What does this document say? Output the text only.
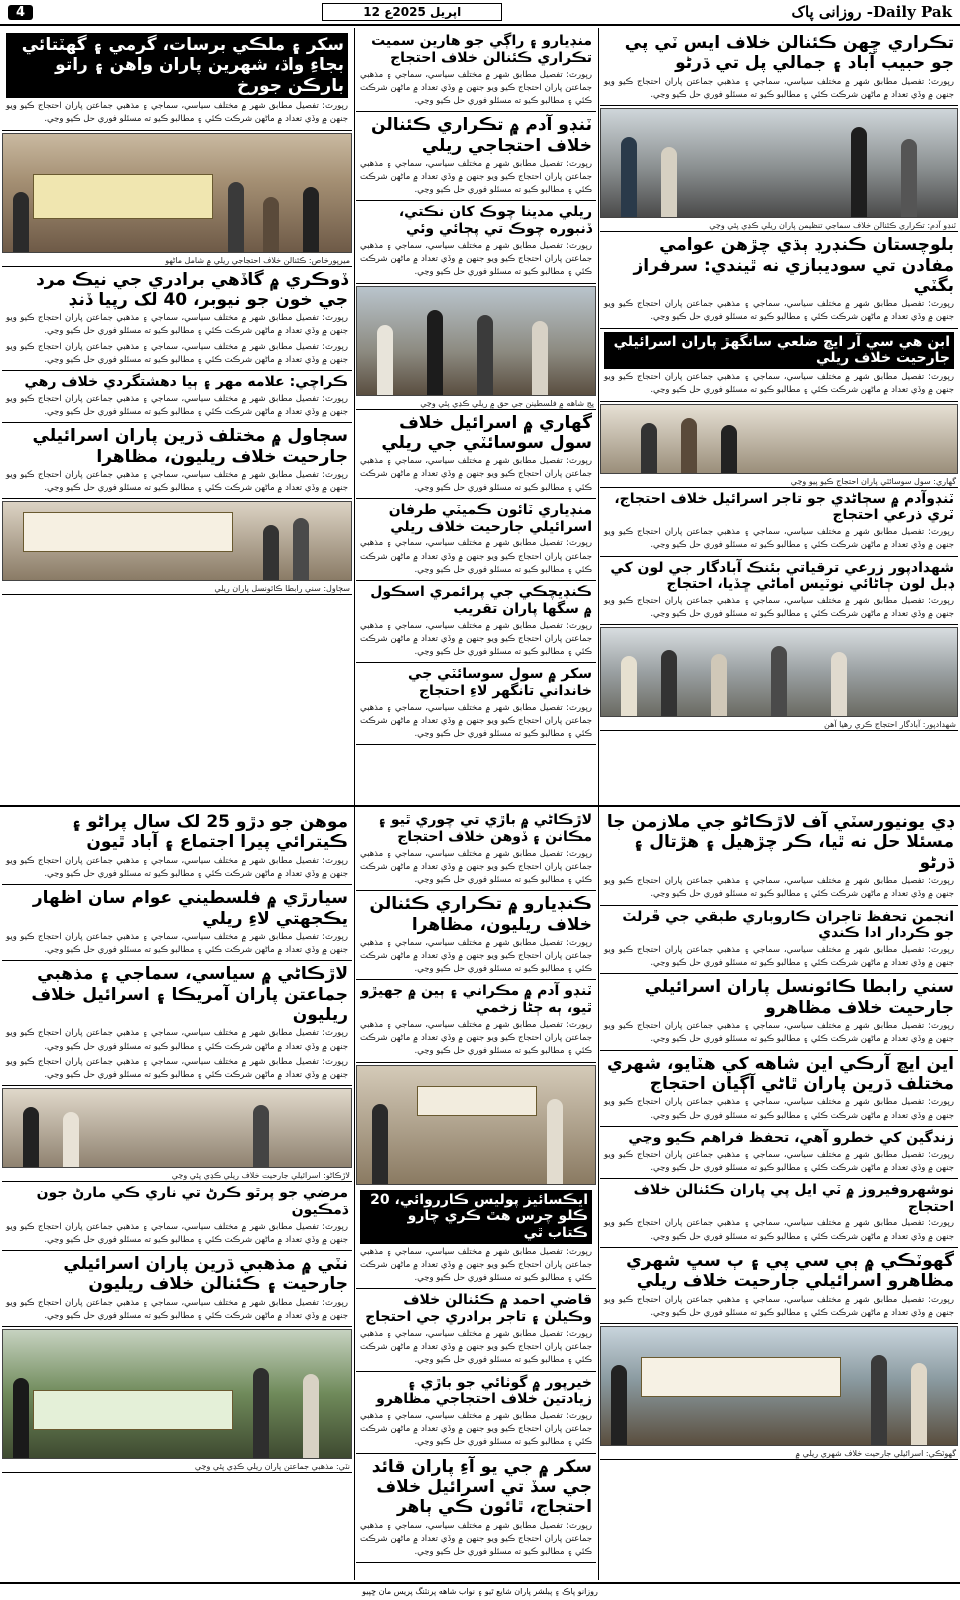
4	12 اپریل 2025ع	روزانی پاک -Daily Pak
سکر ۽ ملڪي برسات، گرمي ۽ گهٽتائي بجاءِ واڌ، شهرين پاران واهن ۽ راتو بارڪن جورخ
رپورٽ: تفصيل مطابق شهر ۾ مختلف سياسي، سماجي ۽ مذهبي جماعتن پاران احتجاج ڪيو ويو جنهن ۾ وڏي تعداد ۾ ماڻهن شرڪت ڪئي ۽ مطالبو ڪيو ته مسئلو فوري حل ڪيو وڃي.
ميرپورخاص: ڪئنالن خلاف احتجاجي ريلي ۾ شامل ماڻهو
ڏوڪري ۾ گاڏهي برادري جي نيڪ مرد جي خون جو نيوبر، 40 لک رپيا ڏنڊ
رپورٽ: تفصيل مطابق شهر ۾ مختلف سياسي، سماجي ۽ مذهبي جماعتن پاران احتجاج ڪيو ويو جنهن ۾ وڏي تعداد ۾ ماڻهن شرڪت ڪئي ۽ مطالبو ڪيو ته مسئلو فوري حل ڪيو وڃي.
رپورٽ: تفصيل مطابق شهر ۾ مختلف سياسي، سماجي ۽ مذهبي جماعتن پاران احتجاج ڪيو ويو جنهن ۾ وڏي تعداد ۾ ماڻهن شرڪت ڪئي ۽ مطالبو ڪيو ته مسئلو فوري حل ڪيو وڃي.
ڪراچي: علامه مهر ۽ ٻيا دهشتگردي خلاف رهي
رپورٽ: تفصيل مطابق شهر ۾ مختلف سياسي، سماجي ۽ مذهبي جماعتن پاران احتجاج ڪيو ويو جنهن ۾ وڏي تعداد ۾ ماڻهن شرڪت ڪئي ۽ مطالبو ڪيو ته مسئلو فوري حل ڪيو وڃي.
سڄاول ۾ مختلف ڌرين پاران اسرائيلي جارحيت خلاف ريليون، مظاهرا
رپورٽ: تفصيل مطابق شهر ۾ مختلف سياسي، سماجي ۽ مذهبي جماعتن پاران احتجاج ڪيو ويو جنهن ۾ وڏي تعداد ۾ ماڻهن شرڪت ڪئي ۽ مطالبو ڪيو ته مسئلو فوري حل ڪيو وڃي.
سڄاول: سني رابطا ڪائونسل پاران ريلي
منڊيارو ۽ راڳي جو هارين سميت تڪراري ڪئنالن خلاف احتجاج
رپورٽ: تفصيل مطابق شهر ۾ مختلف سياسي، سماجي ۽ مذهبي جماعتن پاران احتجاج ڪيو ويو جنهن ۾ وڏي تعداد ۾ ماڻهن شرڪت ڪئي ۽ مطالبو ڪيو ته مسئلو فوري حل ڪيو وڃي.
ٽنڊو آدم ۾ تڪراري ڪئنالن خلاف احتجاجي ريلي
رپورٽ: تفصيل مطابق شهر ۾ مختلف سياسي، سماجي ۽ مذهبي جماعتن پاران احتجاج ڪيو ويو جنهن ۾ وڏي تعداد ۾ ماڻهن شرڪت ڪئي ۽ مطالبو ڪيو ته مسئلو فوري حل ڪيو وڃي.
ريلي مدينا چوڪ کان نڪتي، ڏنبوره چوڪ تي پڄائي وئي
رپورٽ: تفصيل مطابق شهر ۾ مختلف سياسي، سماجي ۽ مذهبي جماعتن پاران احتجاج ڪيو ويو جنهن ۾ وڏي تعداد ۾ ماڻهن شرڪت ڪئي ۽ مطالبو ڪيو ته مسئلو فوري حل ڪيو وڃي.
پڃ شاهه ۾ فلسطينن جي حق ۾ ريلي ڪڍي پئي وڃي
گهاري ۾ اسرائيل خلاف سول سوسائٽي جي ريلي
رپورٽ: تفصيل مطابق شهر ۾ مختلف سياسي، سماجي ۽ مذهبي جماعتن پاران احتجاج ڪيو ويو جنهن ۾ وڏي تعداد ۾ ماڻهن شرڪت ڪئي ۽ مطالبو ڪيو ته مسئلو فوري حل ڪيو وڃي.
منڊياري ٽائون ڪميٽي طرفان اسرائيلي جارحيت خلاف ريلي
رپورٽ: تفصيل مطابق شهر ۾ مختلف سياسي، سماجي ۽ مذهبي جماعتن پاران احتجاج ڪيو ويو جنهن ۾ وڏي تعداد ۾ ماڻهن شرڪت ڪئي ۽ مطالبو ڪيو ته مسئلو فوري حل ڪيو وڃي.
ڪنڊيچڪي جي پرائمري اسڪول ۾ سگها پاران تقريب
رپورٽ: تفصيل مطابق شهر ۾ مختلف سياسي، سماجي ۽ مذهبي جماعتن پاران احتجاج ڪيو ويو جنهن ۾ وڏي تعداد ۾ ماڻهن شرڪت ڪئي ۽ مطالبو ڪيو ته مسئلو فوري حل ڪيو وڃي.
سکر ۾ سول سوسائٽي جي خانداني تانگهر لاءِ احتجاج
رپورٽ: تفصيل مطابق شهر ۾ مختلف سياسي، سماجي ۽ مذهبي جماعتن پاران احتجاج ڪيو ويو جنهن ۾ وڏي تعداد ۾ ماڻهن شرڪت ڪئي ۽ مطالبو ڪيو ته مسئلو فوري حل ڪيو وڃي.
تڪراري ڇهن ڪئنالن خلاف ايس ٽي پي جو حبيب آباد ۽ جمالي پل تي ڌرڻو
رپورٽ: تفصيل مطابق شهر ۾ مختلف سياسي، سماجي ۽ مذهبي جماعتن پاران احتجاج ڪيو ويو جنهن ۾ وڏي تعداد ۾ ماڻهن شرڪت ڪئي ۽ مطالبو ڪيو ته مسئلو فوري حل ڪيو وڃي.
ٽنڊو آدم: تڪراري ڪئنالن خلاف سماجي تنظيمن پاران ريلي ڪڍي پئي وڃي
بلوچستان ڪنڊرڊ ٻڌي چڙهن عوامي مفادن تي سوديبازي نه ٿيندي: سرفراز بگٽي
رپورٽ: تفصيل مطابق شهر ۾ مختلف سياسي، سماجي ۽ مذهبي جماعتن پاران احتجاج ڪيو ويو جنهن ۾ وڏي تعداد ۾ ماڻهن شرڪت ڪئي ۽ مطالبو ڪيو ته مسئلو فوري حل ڪيو وڃي.
ابن هي سي آر ايڇ ضلعي سانگهڙ پاران اسرائيلي جارحيت خلاف ريلي
رپورٽ: تفصيل مطابق شهر ۾ مختلف سياسي، سماجي ۽ مذهبي جماعتن پاران احتجاج ڪيو ويو جنهن ۾ وڏي تعداد ۾ ماڻهن شرڪت ڪئي ۽ مطالبو ڪيو ته مسئلو فوري حل ڪيو وڃي.
گهاري: سول سوسائٽي پاران احتجاج ڪيو پيو وڃي
ٽنڊوآدم ۾ سڄاڻدي جو تاجر اسرائيل خلاف احتجاج، ٽري ذرعي احتجاج
رپورٽ: تفصيل مطابق شهر ۾ مختلف سياسي، سماجي ۽ مذهبي جماعتن پاران احتجاج ڪيو ويو جنهن ۾ وڏي تعداد ۾ ماڻهن شرڪت ڪئي ۽ مطالبو ڪيو ته مسئلو فوري حل ڪيو وڃي.
شهدادپور زرعي ترقياتي بئنڪ آبادگار جي لون کي ڊبل لون ڄاڻائي نوٽيس اماڻي ڇڏيا، احتجاج
رپورٽ: تفصيل مطابق شهر ۾ مختلف سياسي، سماجي ۽ مذهبي جماعتن پاران احتجاج ڪيو ويو جنهن ۾ وڏي تعداد ۾ ماڻهن شرڪت ڪئي ۽ مطالبو ڪيو ته مسئلو فوري حل ڪيو وڃي.
شهدادپور: آبادگار احتجاج ڪري رهيا آهن
موهن جو دڙو 25 لک سال پراڻو ۽ ڪيترائي پيرا اجتماع ۽ آباد ٿيون
رپورٽ: تفصيل مطابق شهر ۾ مختلف سياسي، سماجي ۽ مذهبي جماعتن پاران احتجاج ڪيو ويو جنهن ۾ وڏي تعداد ۾ ماڻهن شرڪت ڪئي ۽ مطالبو ڪيو ته مسئلو فوري حل ڪيو وڃي.
سيارڙي ۾ فلسطيني عوام سان اظهار يڪجهتي لاءِ ريلي
رپورٽ: تفصيل مطابق شهر ۾ مختلف سياسي، سماجي ۽ مذهبي جماعتن پاران احتجاج ڪيو ويو جنهن ۾ وڏي تعداد ۾ ماڻهن شرڪت ڪئي ۽ مطالبو ڪيو ته مسئلو فوري حل ڪيو وڃي.
لاڙڪاڻي ۾ سياسي، سماجي ۽ مذهبي جماعتن پاران آمريڪا ۽ اسرائيل خلاف ريليون
رپورٽ: تفصيل مطابق شهر ۾ مختلف سياسي، سماجي ۽ مذهبي جماعتن پاران احتجاج ڪيو ويو جنهن ۾ وڏي تعداد ۾ ماڻهن شرڪت ڪئي ۽ مطالبو ڪيو ته مسئلو فوري حل ڪيو وڃي.
رپورٽ: تفصيل مطابق شهر ۾ مختلف سياسي، سماجي ۽ مذهبي جماعتن پاران احتجاج ڪيو ويو جنهن ۾ وڏي تعداد ۾ ماڻهن شرڪت ڪئي ۽ مطالبو ڪيو ته مسئلو فوري حل ڪيو وڃي.
لاڙڪاڻو: اسرائيلي جارحيت خلاف ريلي ڪڍي پئي وڃي
مرضي جو پرٿو ڪرڻ تي ناري ڪي مارڻ جون ڌمڪيون
رپورٽ: تفصيل مطابق شهر ۾ مختلف سياسي، سماجي ۽ مذهبي جماعتن پاران احتجاج ڪيو ويو جنهن ۾ وڏي تعداد ۾ ماڻهن شرڪت ڪئي ۽ مطالبو ڪيو ته مسئلو فوري حل ڪيو وڃي.
نٽي ۾ مذهبي ڌرين پاران اسرائيلي جارحيت ۽ ڪئنالن خلاف ريليون
رپورٽ: تفصيل مطابق شهر ۾ مختلف سياسي، سماجي ۽ مذهبي جماعتن پاران احتجاج ڪيو ويو جنهن ۾ وڏي تعداد ۾ ماڻهن شرڪت ڪئي ۽ مطالبو ڪيو ته مسئلو فوري حل ڪيو وڃي.
نٽي: مذهبي جماعتن پاران ريلي ڪڍي پئي وڃي
لاڙڪاڻي ۾ باڙي تي چوري ٿيو ۽ مڪانن ۽ ڏوهن خلاف احتجاج
رپورٽ: تفصيل مطابق شهر ۾ مختلف سياسي، سماجي ۽ مذهبي جماعتن پاران احتجاج ڪيو ويو جنهن ۾ وڏي تعداد ۾ ماڻهن شرڪت ڪئي ۽ مطالبو ڪيو ته مسئلو فوري حل ڪيو وڃي.
ڪنڊيارو ۾ تڪراري ڪئنالن خلاف ريليون، مظاهرا
رپورٽ: تفصيل مطابق شهر ۾ مختلف سياسي، سماجي ۽ مذهبي جماعتن پاران احتجاج ڪيو ويو جنهن ۾ وڏي تعداد ۾ ماڻهن شرڪت ڪئي ۽ مطالبو ڪيو ته مسئلو فوري حل ڪيو وڃي.
ٽنڊو آدم ۾ مڪراني ۽ ٻين ۾ جهيڙو ٿيو، ٻه ڄڻا زخمي
رپورٽ: تفصيل مطابق شهر ۾ مختلف سياسي، سماجي ۽ مذهبي جماعتن پاران احتجاج ڪيو ويو جنهن ۾ وڏي تعداد ۾ ماڻهن شرڪت ڪئي ۽ مطالبو ڪيو ته مسئلو فوري حل ڪيو وڃي.
ايڪسائيز پوليس ڪارروائي، 20 ڪلو چرس هٿ ڪري چارو ڪتاب ٿي
رپورٽ: تفصيل مطابق شهر ۾ مختلف سياسي، سماجي ۽ مذهبي جماعتن پاران احتجاج ڪيو ويو جنهن ۾ وڏي تعداد ۾ ماڻهن شرڪت ڪئي ۽ مطالبو ڪيو ته مسئلو فوري حل ڪيو وڃي.
قاضي احمد ۾ ڪئنالن خلاف وڪيلن ۽ تاجر برادري جي احتجاج
رپورٽ: تفصيل مطابق شهر ۾ مختلف سياسي، سماجي ۽ مذهبي جماعتن پاران احتجاج ڪيو ويو جنهن ۾ وڏي تعداد ۾ ماڻهن شرڪت ڪئي ۽ مطالبو ڪيو ته مسئلو فوري حل ڪيو وڃي.
خيرپور ۾ گوٺائي جو باڙي ۽ زيادتين خلاف احتجاجي مظاهرو
رپورٽ: تفصيل مطابق شهر ۾ مختلف سياسي، سماجي ۽ مذهبي جماعتن پاران احتجاج ڪيو ويو جنهن ۾ وڏي تعداد ۾ ماڻهن شرڪت ڪئي ۽ مطالبو ڪيو ته مسئلو فوري حل ڪيو وڃي.
سکر ۾ جي يو آءِ پاران قائد جي سڏ تي اسرائيل خلاف احتجاج، ٿائون ڪي ٻاهر
رپورٽ: تفصيل مطابق شهر ۾ مختلف سياسي، سماجي ۽ مذهبي جماعتن پاران احتجاج ڪيو ويو جنهن ۾ وڏي تعداد ۾ ماڻهن شرڪت ڪئي ۽ مطالبو ڪيو ته مسئلو فوري حل ڪيو وڃي.
ڊي يونيورسٽي آف لاڙڪاڻو جي ملازمن جا مسئلا حل نه ٿيا، ڪر چڙهيل ۽ هڙتال ۽ ڌرڻو
رپورٽ: تفصيل مطابق شهر ۾ مختلف سياسي، سماجي ۽ مذهبي جماعتن پاران احتجاج ڪيو ويو جنهن ۾ وڏي تعداد ۾ ماڻهن شرڪت ڪئي ۽ مطالبو ڪيو ته مسئلو فوري حل ڪيو وڃي.
انجمن تحفظ تاجران ڪاروباري طبقي جي ڦرلٽ جو ڪردار ادا ڪندي
رپورٽ: تفصيل مطابق شهر ۾ مختلف سياسي، سماجي ۽ مذهبي جماعتن پاران احتجاج ڪيو ويو جنهن ۾ وڏي تعداد ۾ ماڻهن شرڪت ڪئي ۽ مطالبو ڪيو ته مسئلو فوري حل ڪيو وڃي.
سني رابطا ڪائونسل پاران اسرائيلي جارحيت خلاف مظاهرو
رپورٽ: تفصيل مطابق شهر ۾ مختلف سياسي، سماجي ۽ مذهبي جماعتن پاران احتجاج ڪيو ويو جنهن ۾ وڏي تعداد ۾ ماڻهن شرڪت ڪئي ۽ مطالبو ڪيو ته مسئلو فوري حل ڪيو وڃي.
اين ايڇ آرڪي اين شاهه کي هٽايو، شهري مختلف ڌرين پاران ٿاڻي آڳيان احتجاج
رپورٽ: تفصيل مطابق شهر ۾ مختلف سياسي، سماجي ۽ مذهبي جماعتن پاران احتجاج ڪيو ويو جنهن ۾ وڏي تعداد ۾ ماڻهن شرڪت ڪئي ۽ مطالبو ڪيو ته مسئلو فوري حل ڪيو وڃي.
زندگين کي خطرو آهي، تحفظ فراهم ڪيو وڃي
رپورٽ: تفصيل مطابق شهر ۾ مختلف سياسي، سماجي ۽ مذهبي جماعتن پاران احتجاج ڪيو ويو جنهن ۾ وڏي تعداد ۾ ماڻهن شرڪت ڪئي ۽ مطالبو ڪيو ته مسئلو فوري حل ڪيو وڃي.
نوشهروفيروز ۾ ٽي ايل پي پاران ڪئنالن خلاف احتجاج
رپورٽ: تفصيل مطابق شهر ۾ مختلف سياسي، سماجي ۽ مذهبي جماعتن پاران احتجاج ڪيو ويو جنهن ۾ وڏي تعداد ۾ ماڻهن شرڪت ڪئي ۽ مطالبو ڪيو ته مسئلو فوري حل ڪيو وڃي.
گهوٽڪي ۾ ٻي سي پي ۽ ٻ سڀ شهري مظاهرو اسرائيلي جارحيت خلاف ريلي
رپورٽ: تفصيل مطابق شهر ۾ مختلف سياسي، سماجي ۽ مذهبي جماعتن پاران احتجاج ڪيو ويو جنهن ۾ وڏي تعداد ۾ ماڻهن شرڪت ڪئي ۽ مطالبو ڪيو ته مسئلو فوري حل ڪيو وڃي.
گهوٽڪي: اسرائيلي جارحيت خلاف شهري ريلي ۾
روزانو پاڪ ۽ پبلشر پاران شايع ٿيو ۽ نواب شاهه پرنٽنگ پريس مان ڇپيو
